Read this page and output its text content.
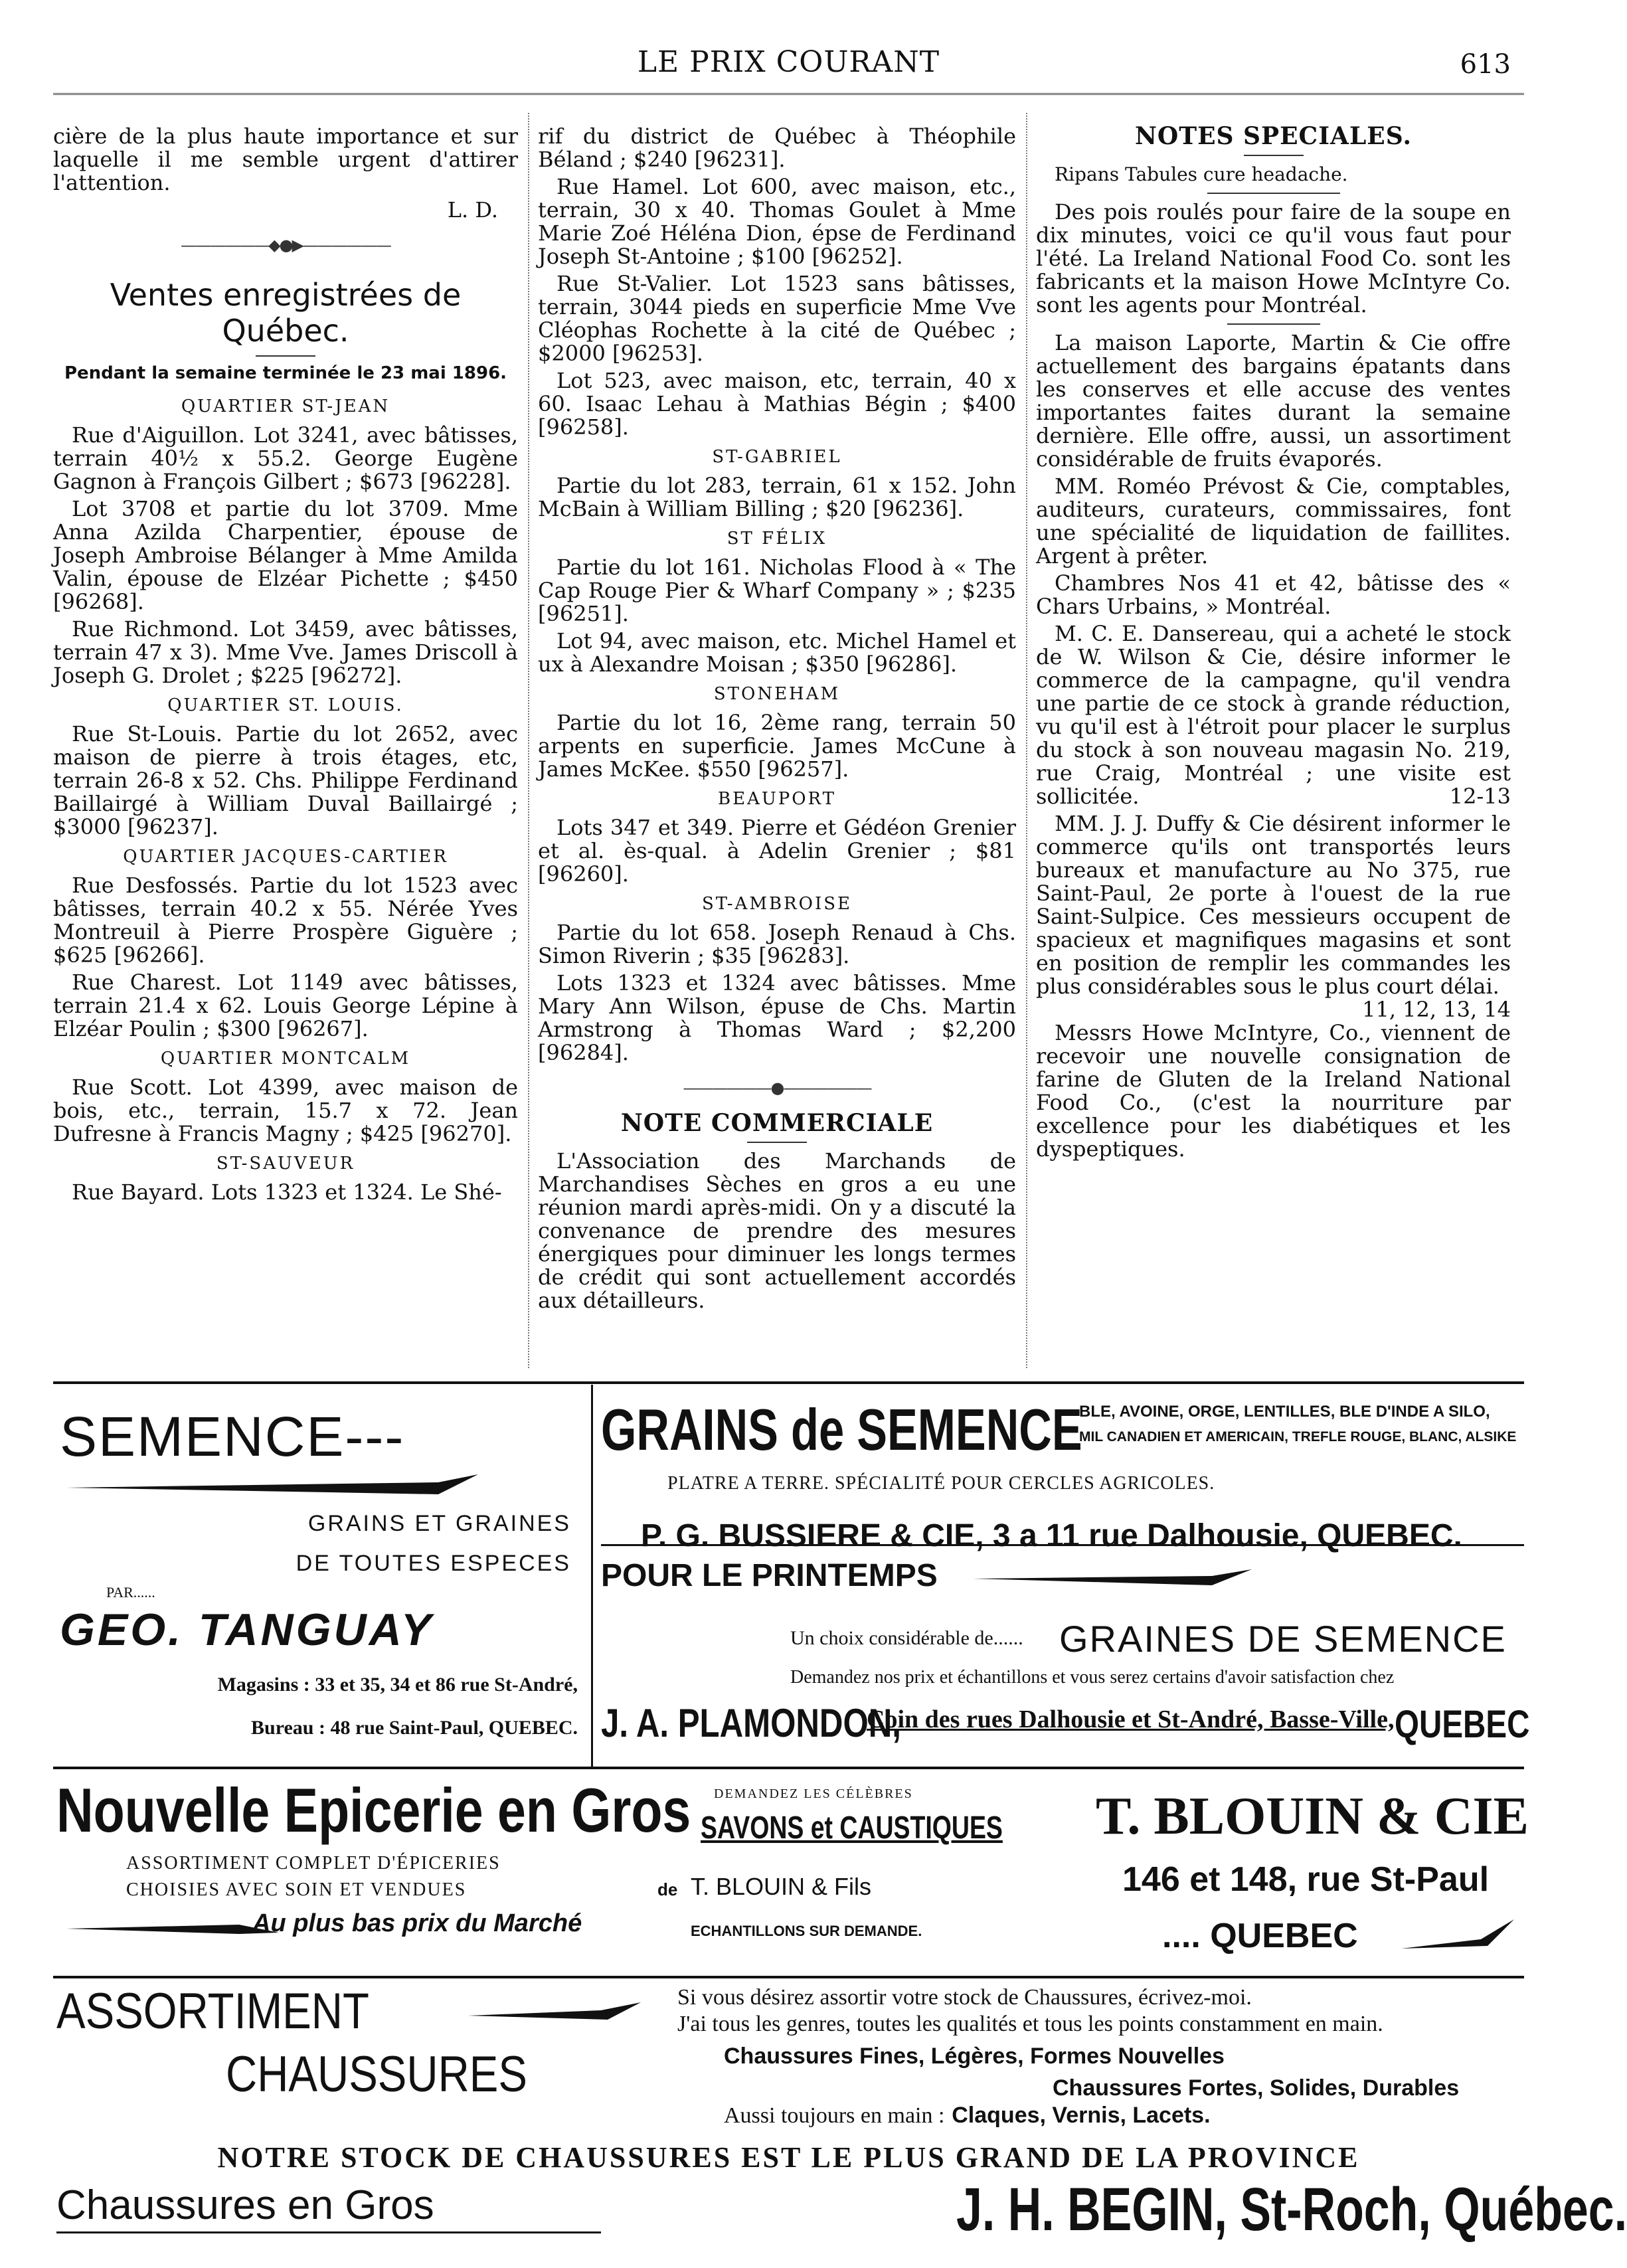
LE PRIX COURANT	613

cière de la plus haute importance et sur laquelle il me semble urgent d'attirer l'attention.

L. D.
——————◆●▶——————
Ventes enregistrées de Québec.
Pendant la semaine terminée le 23 mai 1896.
QUARTIER ST-JEAN

Rue d'Aiguillon. Lot 3241, avec bâtisses, terrain 40½ x 55.2. George Eugène Gagnon à François Gilbert ; $673 [96228].

Lot 3708 et partie du lot 3709. Mme Anna Azilda Charpentier, épouse de Joseph Ambroise Bélanger à Mme Amilda Valin, épouse de Elzéar Pichette ; $450 [96268].

Rue Richmond. Lot 3459, avec bâtisses, terrain 47 x 3). Mme Vve. James Driscoll à Joseph G. Drolet ; $225 [96272].

QUARTIER ST. LOUIS.

Rue St-Louis. Partie du lot 2652, avec maison de pierre à trois étages, etc, terrain 26-8 x 52. Chs. Philippe Ferdinand Baillairgé à William Duval Baillairgé ; $3000 [96237].

QUARTIER JACQUES-CARTIER

Rue Desfossés. Partie du lot 1523 avec bâtisses, terrain 40.2 x 55. Nérée Yves Montreuil à Pierre Prospère Giguère ; $625 [96266].

Rue Charest. Lot 1149 avec bâtisses, terrain 21.4 x 62. Louis George Lépine à Elzéar Poulin ; $300 [96267].

QUARTIER MONTCALM

Rue Scott. Lot 4399, avec maison de bois, etc., terrain, 15.7 x 72. Jean Dufresne à Francis Magny ; $425 [96270].

ST-SAUVEUR

Rue Bayard. Lots 1323 et 1324. Le Shé-

rif du district de Québec à Théophile Béland ; $240 [96231].

Rue Hamel. Lot 600, avec maison, etc., terrain, 30 x 40. Thomas Goulet à Mme Marie Zoé Héléna Dion, épse de Ferdinand Joseph St-Antoine ; $100 [96252].

Rue St-Valier. Lot 1523 sans bâtisses, terrain, 3044 pieds en superficie Mme Vve Cléophas Rochette à la cité de Québec ; $2000 [96253].

Lot 523, avec maison, etc, terrain, 40 x 60. Isaac Lehau à Mathias Bégin ; $400 [96258].

ST-GABRIEL

Partie du lot 283, terrain, 61 x 152. John McBain à William Billing ; $20 [96236].

ST FÉLIX

Partie du lot 161. Nicholas Flood à « The Cap Rouge Pier & Wharf Company » ; $235 [96251].

Lot 94, avec maison, etc. Michel Hamel et ux à Alexandre Moisan ; $350 [96286].

STONEHAM

Partie du lot 16, 2ème rang, terrain 50 arpents en superficie. James McCune à James McKee. $550 [96257].

BEAUPORT

Lots 347 et 349. Pierre et Gédéon Grenier et al. ès-qual. à Adelin Grenier ; $81 [96260].

ST-AMBROISE

Partie du lot 658. Joseph Renaud à Chs. Simon Riverin ; $35 [96283].

Lots 1323 et 1324 avec bâtisses. Mme Mary Ann Wilson, épuse de Chs. Martin Armstrong à Thomas Ward ; $2,200 [96284].

——————●——————
NOTE COMMERCIALE

L'Association des Marchands de Marchandises Sèches en gros a eu une réunion mardi après-midi. On y a discuté la convenance de prendre des mesures énergiques pour diminuer les longs termes de crédit qui sont actuellement accordés aux détailleurs.

NOTES SPECIALES.

Ripans Tabules cure headache.

Des pois roulés pour faire de la soupe en dix minutes, voici ce qu'il vous faut pour l'été. La Ireland National Food Co. sont les fabricants et la maison Howe McIntyre Co. sont les agents pour Montréal.

La maison Laporte, Martin & Cie offre actuellement des bargains épatants dans les conserves et elle accuse des ventes importantes faites durant la semaine dernière. Elle offre, aussi, un assortiment considérable de fruits évaporés.

MM. Roméo Prévost & Cie, comptables, auditeurs, curateurs, commissaires, font une spécialité de liquidation de faillites. Argent à prêter.

Chambres Nos 41 et 42, bâtisse des « Chars Urbains, » Montréal.

M. C. E. Dansereau, qui a acheté le stock de W. Wilson & Cie, désire informer le commerce de la campagne, qu'il vendra une partie de ce stock à grande réduction, vu qu'il est à l'étroit pour placer le surplus du stock à son nouveau magasin No. 219, rue Craig, Montréal ; une visite est sollicitée.	12-13

MM. J. J. Duffy & Cie désirent informer le commerce qu'ils ont transportés leurs bureaux et manufacture au No 375, rue Saint-Paul, 2e porte à l'ouest de la rue Saint-Sulpice. Ces messieurs occupent de spacieux et magnifiques magasins et sont en position de remplir les commandes les plus considérables sous le plus court délai.
11, 12, 13, 14

Messrs Howe McIntyre, Co., viennent de recevoir une nouvelle consignation de farine de Gluten de la Ireland National Food Co., (c'est la nourriture par excellence pour les diabétiques et les dyspeptiques.

SEMENCE---
GRAINS ET GRAINES
DE TOUTES ESPECES
PAR......
GEO. TANGUAY
Magasins : 33 et 35, 34 et 86 rue St-André,
Bureau : 48 rue Saint-Paul, QUEBEC.
GRAINS de SEMENCE
BLE, AVOINE, ORGE, LENTILLES, BLE D'INDE A SILO,
MIL CANADIEN ET AMERICAIN, TREFLE ROUGE, BLANC, ALSIKE
PLATRE A TERRE. SPÉCIALITÉ POUR CERCLES AGRICOLES.
P. G. BUSSIERE & CIE, 3 a 11 rue Dalhousie, QUEBEC.
POUR LE PRINTEMPS
Un choix considérable de...... GRAINES DE SEMENCE
Demandez nos prix et échantillons et vous serez certains d'avoir satisfaction chez
J. A. PLAMONDON,
Coin des rues Dalhousie et St-André, Basse-Ville, QUEBEC
Nouvelle Epicerie en Gros
ASSORTIMENT COMPLET D'ÉPICERIES
CHOISIES AVEC SOIN ET VENDUES
Au plus bas prix du Marché
DEMANDEZ LES CÉLÈBRES
SAVONS et CAUSTIQUES
de T. BLOUIN & Fils
ECHANTILLONS SUR DEMANDE.
T. BLOUIN & CIE
146 et 148, rue St-Paul
.... QUEBEC
ASSORTIMENT
CHAUSSURES
Si vous désirez assortir votre stock de Chaussures, écrivez-moi.
J'ai tous les genres, toutes les qualités et tous les points constamment en main.
Chaussures Fines, Légères, Formes Nouvelles
Chaussures Fortes, Solides, Durables
Aussi toujours en main : Claques, Vernis, Lacets.
NOTRE STOCK DE CHAUSSURES EST LE PLUS GRAND DE LA PROVINCE
Chaussures en Gros	J. H. BEGIN, St-Roch, Québec.
